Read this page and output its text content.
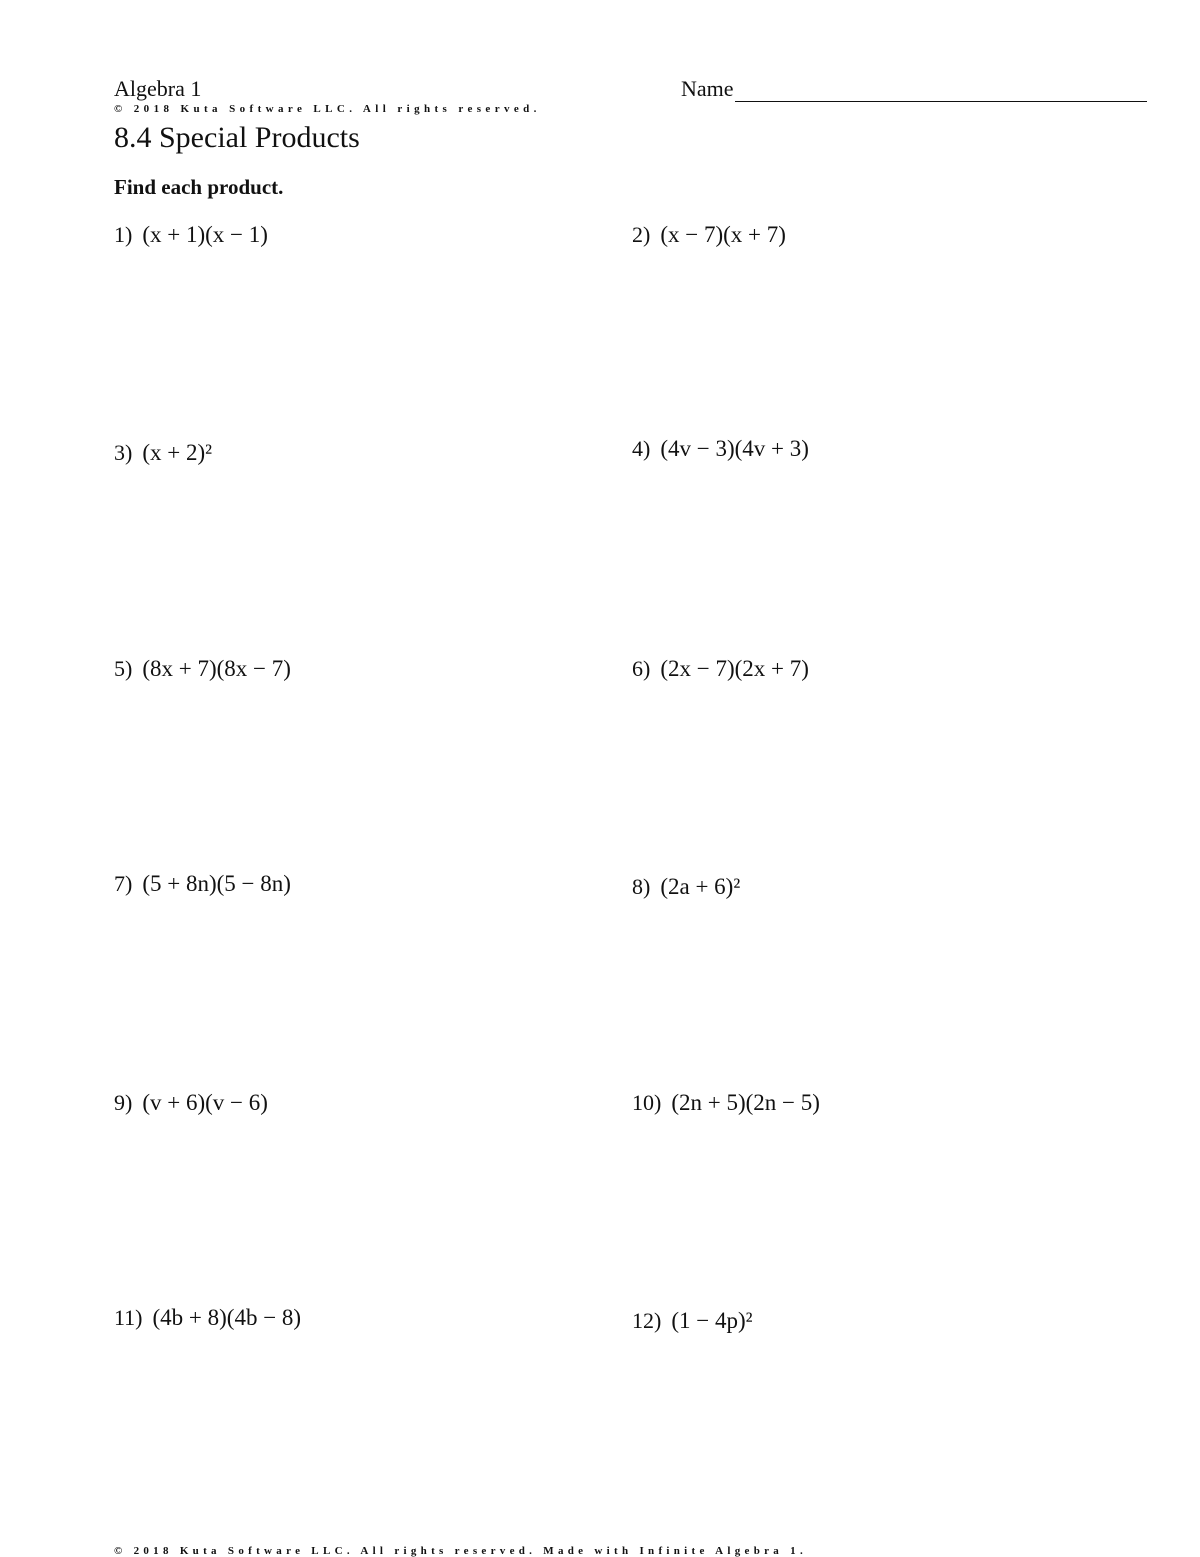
Algebra 1	Name
© 2018 Kuta Software LLC. All rights reserved.
8.4 Special Products
Find each product.
1) (x + 1)(x − 1)	2) (x − 7)(x + 7)
3) (x + 2)²	4) (4v − 3)(4v + 3)
5) (8x + 7)(8x − 7)	6) (2x − 7)(2x + 7)
7) (5 + 8n)(5 − 8n)	8) (2a + 6)²
9) (v + 6)(v − 6)	10) (2n + 5)(2n − 5)
11) (4b + 8)(4b − 8)	12) (1 − 4p)²
© 2018 Kuta Software LLC. All rights reserved. Made with Infinite Algebra 1.
